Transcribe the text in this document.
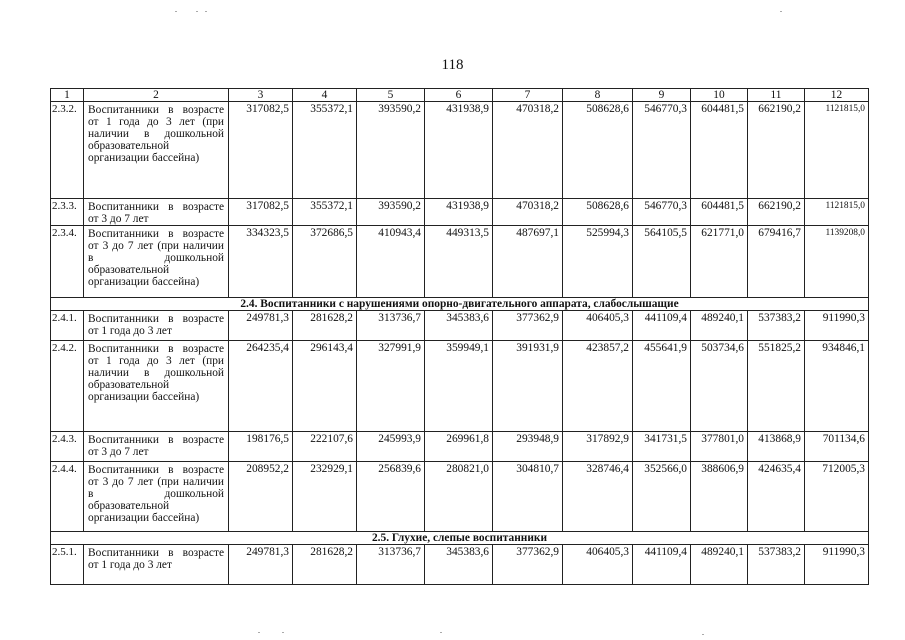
118
1	2	3	4	5	6	7	8	9	10	11	12
2.3.2.	Воспитанники в возрасте от 1 года до 3 лет (при наличии в дошкольной образовательной организации бассейна)	317082,5	355372,1	393590,2	431938,9	470318,2	508628,6	546770,3	604481,5	662190,2	1121815,0
2.3.3.	Воспитанники в возрасте от 3 до 7 лет	317082,5	355372,1	393590,2	431938,9	470318,2	508628,6	546770,3	604481,5	662190,2	1121815,0
2.3.4.	Воспитанники в возрасте от 3 до 7 лет (при наличии в дошкольной образовательной организации бассейна)	334323,5	372686,5	410943,4	449313,5	487697,1	525994,3	564105,5	621771,0	679416,7	1139208,0
2.4. Воспитанники с нарушениями опорно-двигательного аппарата, слабослышащие											
2.4.1.	Воспитанники в возрасте от 1 года до 3 лет	249781,3	281628,2	313736,7	345383,6	377362,9	406405,3	441109,4	489240,1	537383,2	911990,3
2.4.2.	Воспитанники в возрасте от 1 года до 3 лет (при наличии в дошкольной образовательной организации бассейна)	264235,4	296143,4	327991,9	359949,1	391931,9	423857,2	455641,9	503734,6	551825,2	934846,1
2.4.3.	Воспитанники в возрасте от 3 до 7 лет	198176,5	222107,6	245993,9	269961,8	293948,9	317892,9	341731,5	377801,0	413868,9	701134,6
2.4.4.	Воспитанники в возрасте от 3 до 7 лет (при наличии в дошкольной образовательной организации бассейна)	208952,2	232929,1	256839,6	280821,0	304810,7	328746,4	352566,0	388606,9	424635,4	712005,3
2.5. Глухие, слепые воспитанники											
2.5.1.	Воспитанники в возрасте от 1 года до 3 лет	249781,3	281628,2	313736,7	345383,6	377362,9	406405,3	441109,4	489240,1	537383,2	911990,3
